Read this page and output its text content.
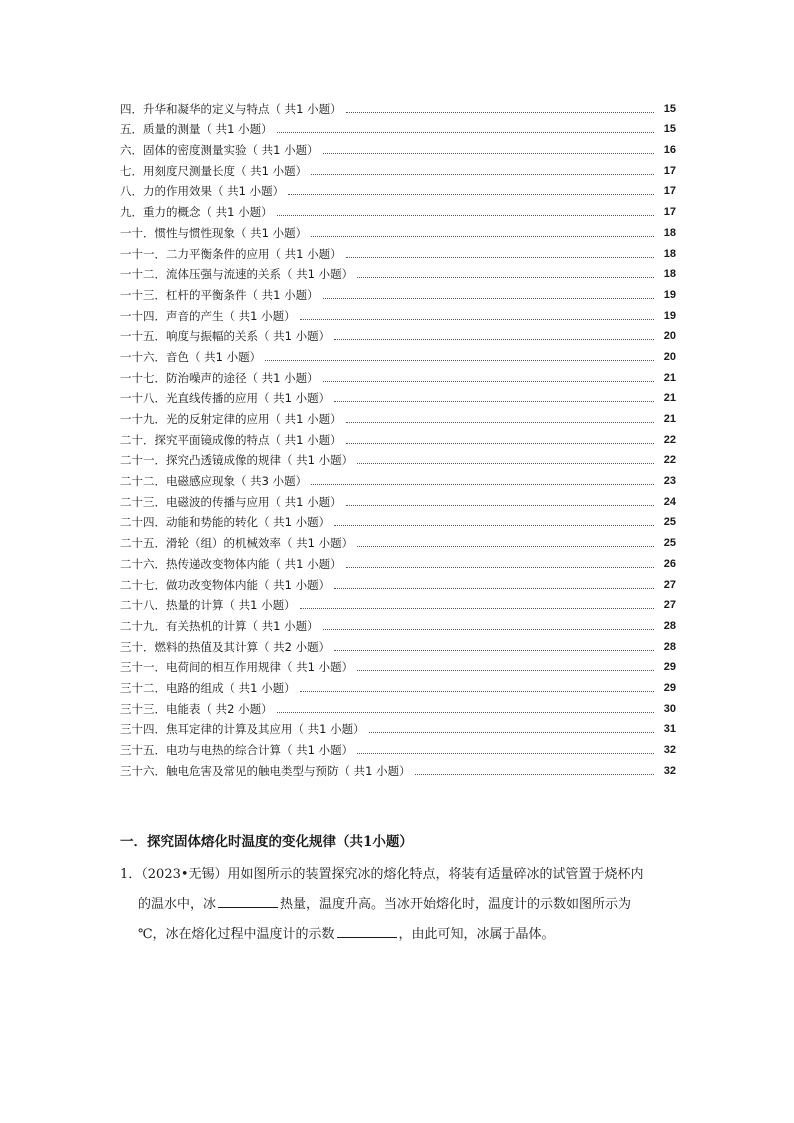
四．升华和凝华的定义与特点（ 共1 小题）	15
五．质量的测量（ 共1 小题）	15
六．固体的密度测量实验（ 共1 小题）	16
七．用刻度尺测量长度（ 共1 小题）	17
八．力的作用效果（ 共1 小题）	17
九．重力的概念（ 共1 小题）	17
一十．惯性与惯性现象（ 共1 小题）	18
一十一．二力平衡条件的应用（ 共1 小题）	18
一十二．流体压强与流速的关系（ 共1 小题）	18
一十三．杠杆的平衡条件（ 共1 小题）	19
一十四．声音的产生（ 共1 小题）	19
一十五．响度与振幅的关系（ 共1 小题）	20
一十六．音色（ 共1 小题）	20
一十七．防治噪声的途径（ 共1 小题）	21
一十八．光直线传播的应用（ 共1 小题）	21
一十九．光的反射定律的应用（ 共1 小题）	21
二十．探究平面镜成像的特点（ 共1 小题）	22
二十一．探究凸透镜成像的规律（ 共1 小题）	22
二十二．电磁感应现象（ 共3 小题）	23
二十三．电磁波的传播与应用（ 共1 小题）	24
二十四．动能和势能的转化（ 共1 小题）	25
二十五．滑轮（组）的机械效率（ 共1 小题）	25
二十六．热传递改变物体内能（ 共1 小题）	26
二十七．做功改变物体内能（ 共1 小题）	27
二十八．热量的计算（ 共1 小题）	27
二十九．有关热机的计算（ 共1 小题）	28
三十．燃料的热值及其计算（ 共2 小题）	28
三十一．电荷间的相互作用规律（ 共1 小题）	29
三十二．电路的组成（ 共1 小题）	29
三十三．电能表（ 共2 小题）	30
三十四．焦耳定律的计算及其应用（ 共1 小题）	31
三十五．电功与电热的综合计算（ 共1 小题）	32
三十六．触电危害及常见的触电类型与预防（ 共1 小题）	32
一．探究固体熔化时温度的变化规律（共1小题）
1．（2023•无锡）用如图所示的装置探究冰的熔化特点，将装有适量碎冰的试管置于烧杯内
的温水中，冰	热量，温度升高。当冰开始熔化时，温度计的示数如图所示为
℃，冰在熔化过程中温度计的示数	，由此可知，冰属于晶体。
